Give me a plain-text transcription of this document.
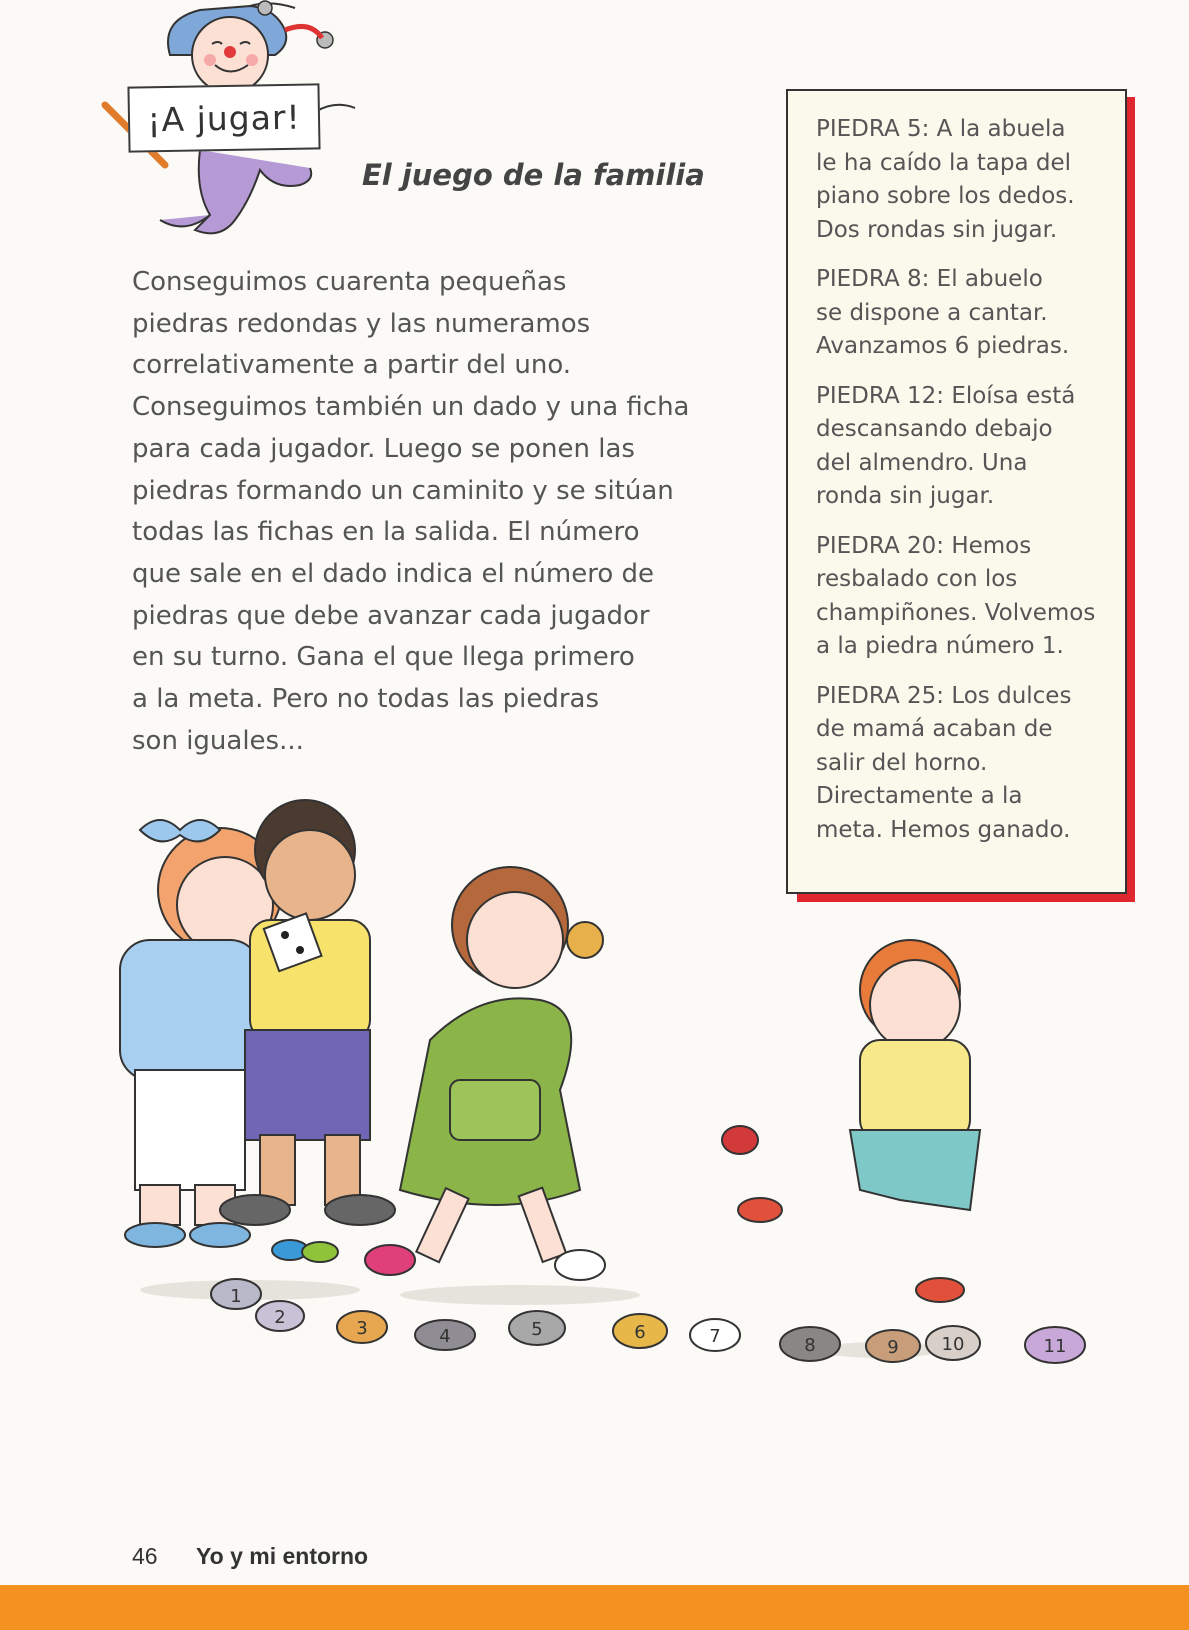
¡A jugar!
El juego de la familia

Conseguimos cuarenta pequeñas
piedras redondas y las numeramos
correlativamente a partir del uno.
Conseguimos también un dado y una ficha
para cada jugador. Luego se ponen las
piedras formando un caminito y se sitúan
todas las fichas en la salida. El número
que sale en el dado indica el número de
piedras que debe avanzar cada jugador
en su turno. Gana el que llega primero
a la meta. Pero no todas las piedras
son iguales...

PIEDRA 5: A la abuela
le ha caído la tapa del
piano sobre los dedos.
Dos rondas sin jugar.

PIEDRA 8: El abuelo
se dispone a cantar.
Avanzamos 6 piedras.

PIEDRA 12: Eloísa está
descansando debajo
del almendro. Una
ronda sin jugar.

PIEDRA 20: Hemos
resbalado con los
champiñones. Volvemos
a la piedra número 1.

PIEDRA 25: Los dulces
de mamá acaban de
salir del horno.
Directamente a la
meta. Hemos ganado.

1
2
3	4	5	6	7	8	9 10	11
46 Yo y mi entorno
